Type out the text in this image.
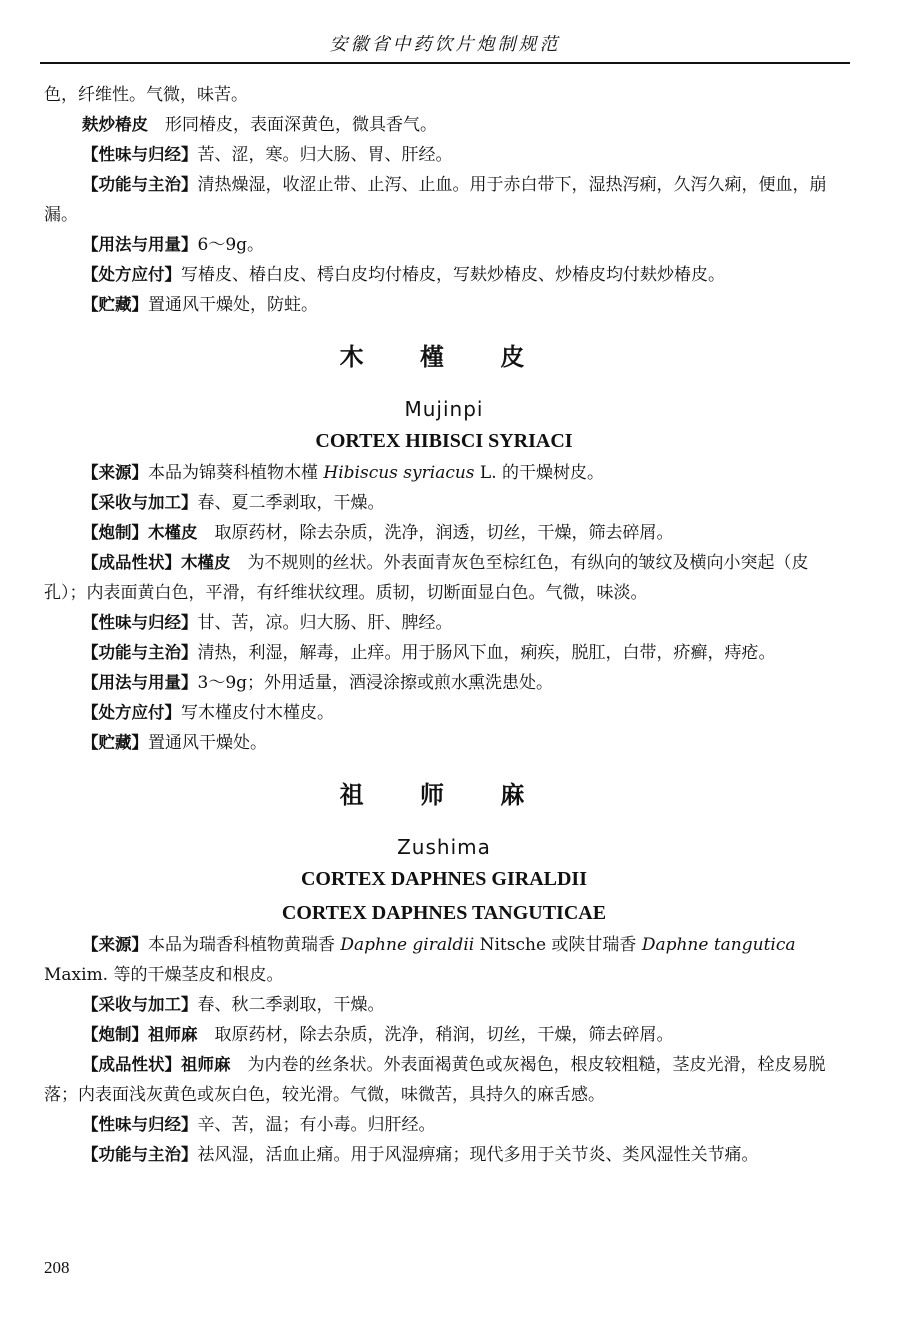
安徽省中药饮片炮制规范

色，纤维性。气微，味苦。

麸炒椿皮　形同椿皮，表面深黄色，微具香气。

【性味与归经】苦、涩，寒。归大肠、胃、肝经。

【功能与主治】清热燥湿，收涩止带、止泻、止血。用于赤白带下，湿热泻痢，久泻久痢，便血，崩漏。

【用法与用量】6～9g。

【处方应付】写椿皮、椿白皮、樗白皮均付椿皮，写麸炒椿皮、炒椿皮均付麸炒椿皮。

【贮藏】置通风干燥处，防蛀。

木 槿 皮
Mujinpi
CORTEX HIBISCI SYRIACI

【来源】本品为锦葵科植物木槿 Hibiscus syriacus L. 的干燥树皮。

【采收与加工】春、夏二季剥取，干燥。

【炮制】木槿皮　取原药材，除去杂质，洗净，润透，切丝，干燥，筛去碎屑。

【成品性状】木槿皮　为不规则的丝状。外表面青灰色至棕红色，有纵向的皱纹及横向小突起（皮孔）；内表面黄白色，平滑，有纤维状纹理。质韧，切断面显白色。气微，味淡。

【性味与归经】甘、苦，凉。归大肠、肝、脾经。

【功能与主治】清热，利湿，解毒，止痒。用于肠风下血，痢疾，脱肛，白带，疥癣，痔疮。

【用法与用量】3～9g；外用适量，酒浸涂擦或煎水熏洗患处。

【处方应付】写木槿皮付木槿皮。

【贮藏】置通风干燥处。

祖 师 麻
Zushima
CORTEX DAPHNES GIRALDII
CORTEX DAPHNES TANGUTICAE

【来源】本品为瑞香科植物黄瑞香 Daphne giraldii Nitsche 或陕甘瑞香 Daphne tangutica Maxim. 等的干燥茎皮和根皮。

【采收与加工】春、秋二季剥取，干燥。

【炮制】祖师麻　取原药材，除去杂质，洗净，稍润，切丝，干燥，筛去碎屑。

【成品性状】祖师麻　为内卷的丝条状。外表面褐黄色或灰褐色，根皮较粗糙，茎皮光滑，栓皮易脱落；内表面浅灰黄色或灰白色，较光滑。气微，味微苦，具持久的麻舌感。

【性味与归经】辛、苦，温；有小毒。归肝经。

【功能与主治】祛风湿，活血止痛。用于风湿痹痛；现代多用于关节炎、类风湿性关节痛。

208
